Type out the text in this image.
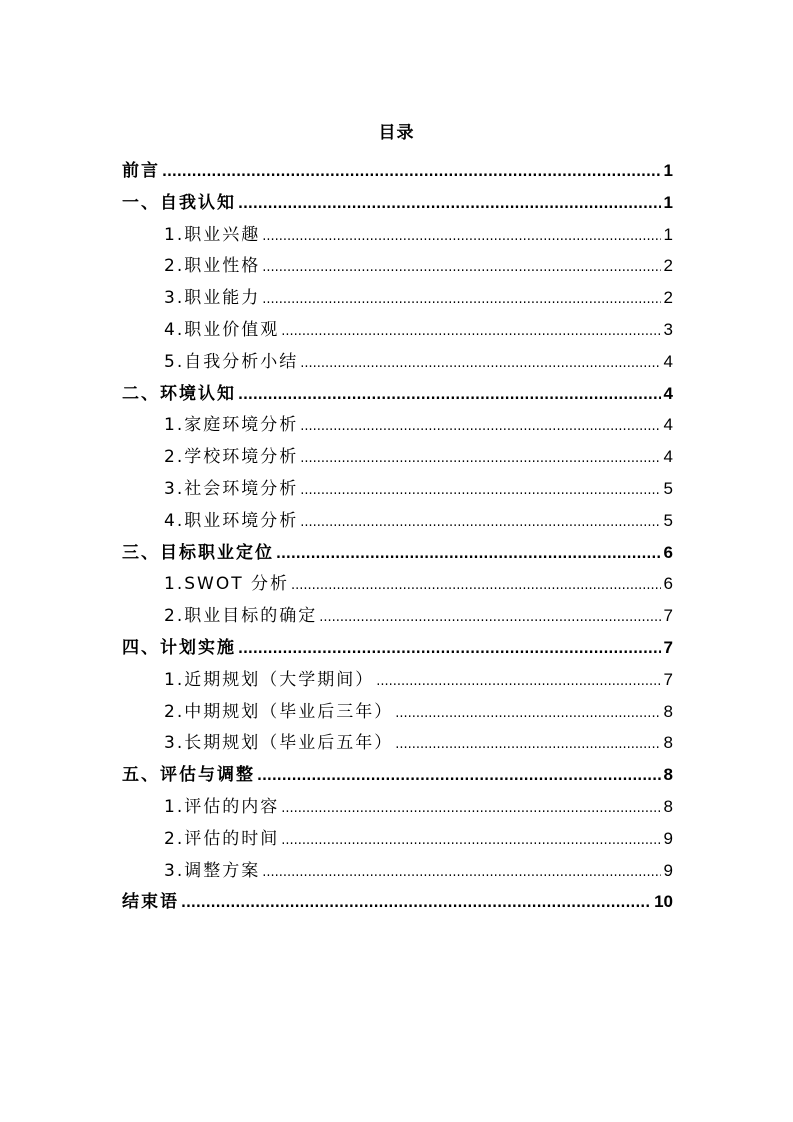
目录
前言 .....	1
一、自我认知 .....	1
1.职业兴趣 .....	1
2.职业性格 .....	2
3.职业能力 .....	2
4.职业价值观 .....	3
5.自我分析小结 .....	4
二、环境认知 .....	4
1.家庭环境分析 .....	4
2.学校环境分析 .....	4
3.社会环境分析 .....	5
4.职业环境分析 .....	5
三、目标职业定位 .....	6
1.SWOT 分析 .....	6
2.职业目标的确定 .....	7
四、计划实施 .....	7
1.近期规划（大学期间） .....	7
2.中期规划（毕业后三年） .....	8
3.长期规划（毕业后五年） .....	8
五、评估与调整 .....	8
1.评估的内容 .....	8
2.评估的时间 .....	9
3.调整方案 .....	9
结束语 .....	10
